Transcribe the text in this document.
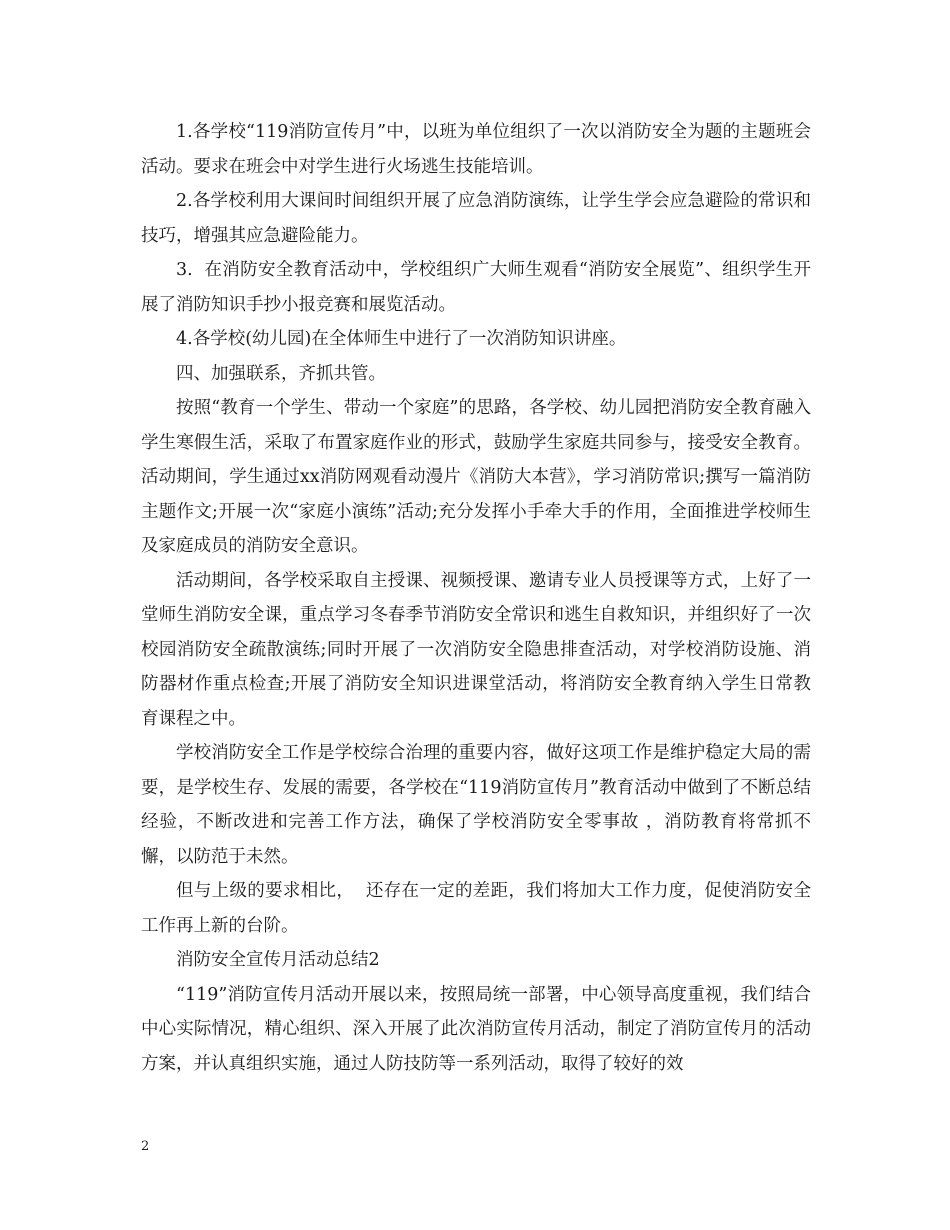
1.各学校“119消防宣传月”中，以班为单位组织了一次以消防安全为题的主题班会活动。要求在班会中对学生进行火场逃生技能培训。

2.各学校利用大课间时间组织开展了应急消防演练，让学生学会应急避险的常识和技巧，增强其应急避险能力。

3.  在消防安全教育活动中，学校组织广大师生观看“消防安全展览”、组织学生开展了消防知识手抄小报竞赛和展览活动。

4.各学校(幼儿园)在全体师生中进行了一次消防知识讲座。

四、加强联系，齐抓共管。

按照“教育一个学生、带动一个家庭”的思路，各学校、幼儿园把消防安全教育融入学生寒假生活，采取了布置家庭作业的形式，鼓励学生家庭共同参与，接受安全教育。活动期间，学生通过xx消防网观看动漫片《消防大本营》，学习消防常识;撰写一篇消防主题作文;开展一次“家庭小演练”活动;充分发挥小手牵大手的作用，全面推进学校师生及家庭成员的消防安全意识。

活动期间，各学校采取自主授课、视频授课、邀请专业人员授课等方式，上好了一堂师生消防安全课，重点学习冬春季节消防安全常识和逃生自救知识，并组织好了一次校园消防安全疏散演练;同时开展了一次消防安全隐患排查活动，对学校消防设施、消防器材作重点检查;开展了消防安全知识进课堂活动，将消防安全教育纳入学生日常教育课程之中。

学校消防安全工作是学校综合治理的重要内容，做好这项工作是维护稳定大局的需要，是学校生存、发展的需要，各学校在“119消防宣传月”教育活动中做到了不断总结经验，不断改进和完善工作方法，确保了学校消防安全零事故 ，消防教育将常抓不懈，以防范于未然。

但与上级的要求相比，  还存在一定的差距，我们将加大工作力度，促使消防安全工作再上新的台阶。

消防安全宣传月活动总结2

“119”消防宣传月活动开展以来，按照局统一部署，中心领导高度重视，我们结合中心实际情况，精心组织、深入开展了此次消防宣传月活动，制定了消防宣传月的活动方案，并认真组织实施，通过人防技防等一系列活动，取得了较好的效

2
